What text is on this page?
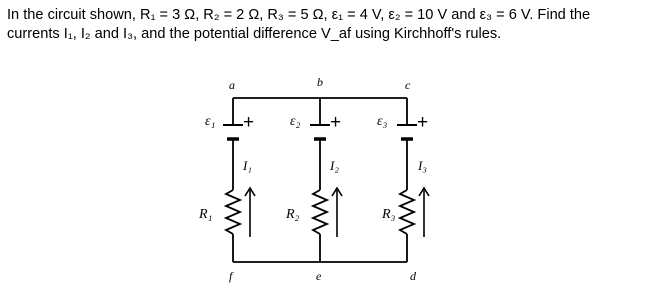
In the circuit shown, R₁ = 3 Ω, R₂ = 2 Ω, R₃ = 5 Ω, ε₁ = 4 V, ε₂ = 10 V and ε₃ = 6 V. Find the
currents I₁, I₂ and I₃, and the potential difference V_af using Kirchhoff's rules.
a	b	c
d
e
f
ε₁	ε₂	ε₃
+	+	+
I₁	I₂	I₃
R₁	R₂	R₃
